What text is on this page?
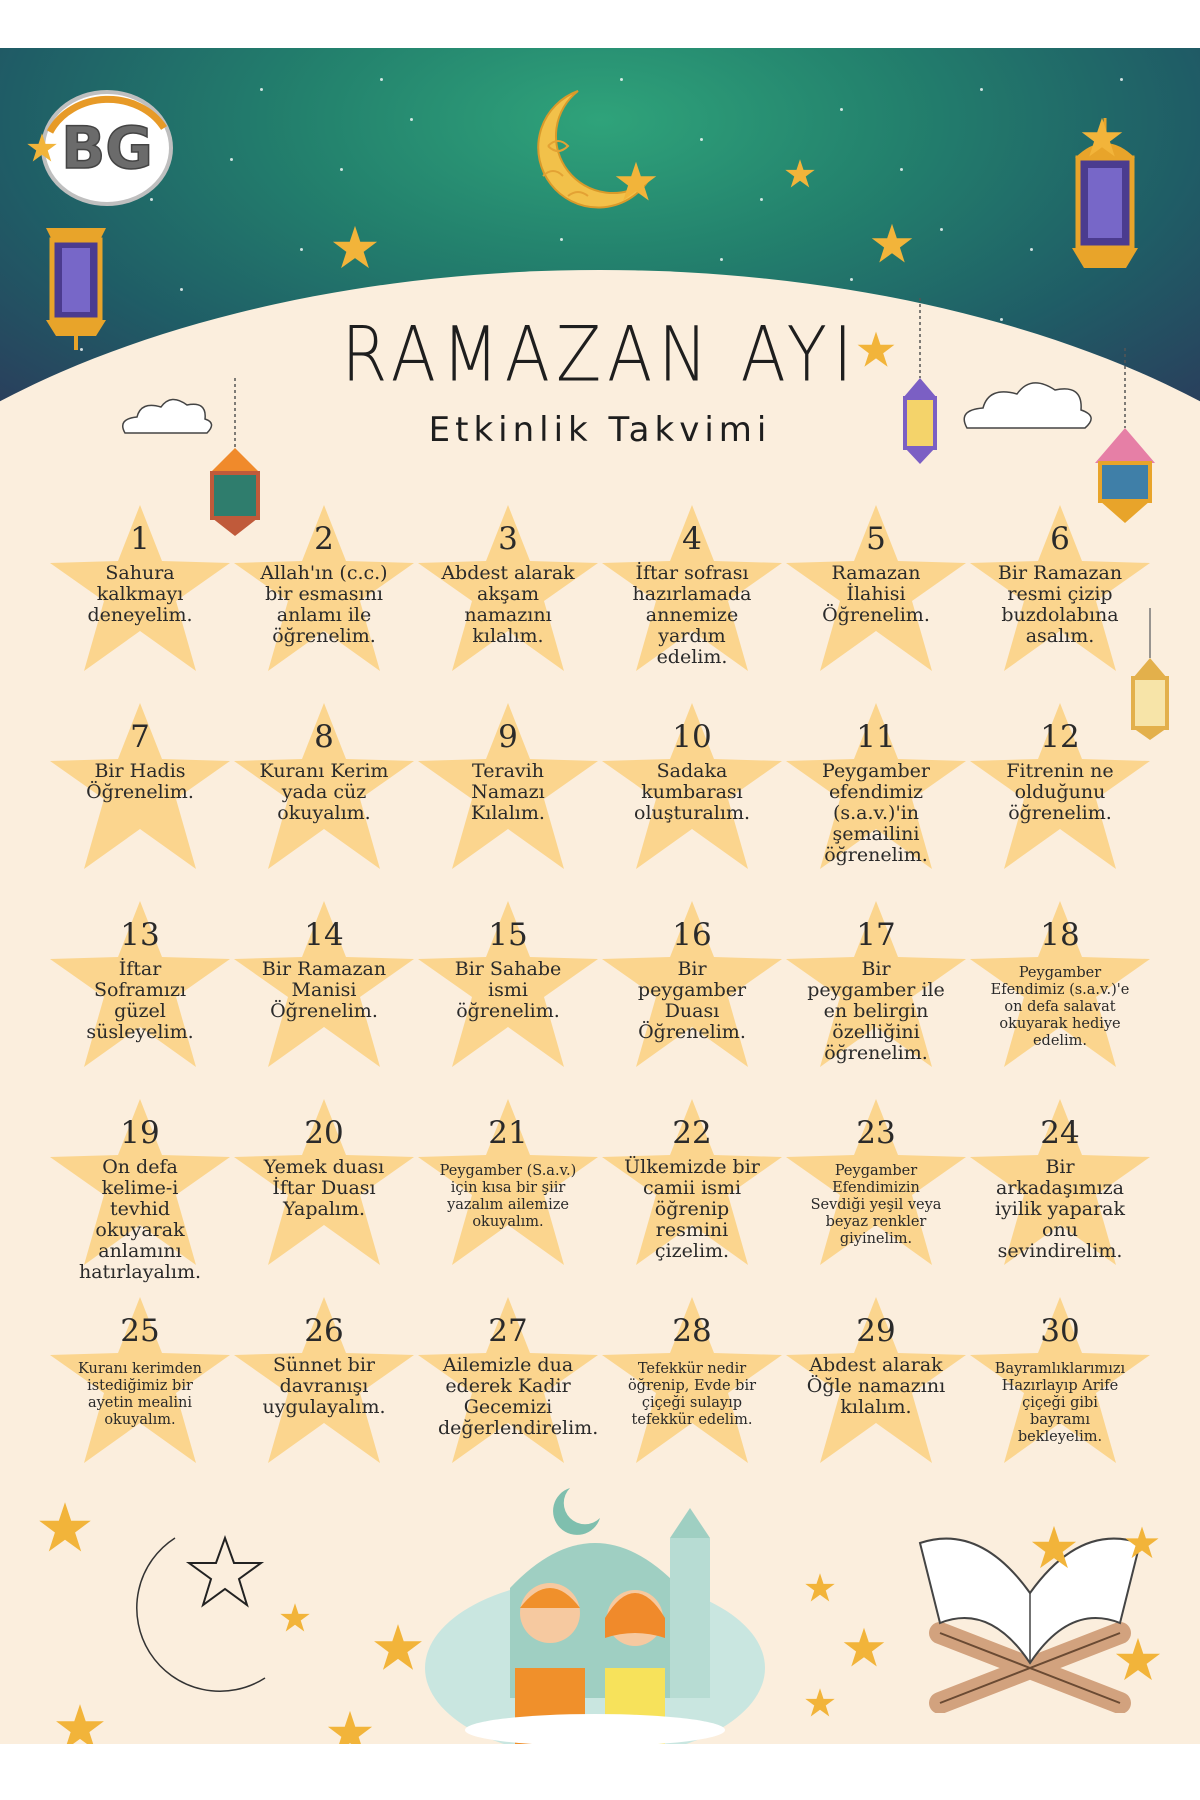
BG
RAMAZAN AYI
Etkinlik Takvimi
1
Sahura kalkmayı deneyelim.
2
Allah'ın (c.c.) bir esmasını anlamı ile öğrenelim.
3
Abdest alarak akşam namazını kılalım.
4
İftar sofrası hazırlamada annemize yardım edelim.
5
Ramazan İlahisi Öğrenelim.
6
Bir Ramazan resmi çizip buzdolabına asalım.
7
Bir Hadis Öğrenelim.
8
Kuranı Kerim yada cüz okuyalım.
9
Teravih Namazı Kılalım.
10
Sadaka kumbarası oluşturalım.
11
Peygamber efendimiz (s.a.v.)'in şemailini öğrenelim.
12
Fitrenin ne olduğunu öğrenelim.
13
İftar Soframızı güzel süsleyelim.
14
Bir Ramazan Manisi Öğrenelim.
15
Bir Sahabe ismi öğrenelim.
16
Bir peygamber Duası Öğrenelim.
17
Bir peygamber ile en belirgin özelliğini öğrenelim.
18
Peygamber Efendimiz (s.a.v.)'e on defa salavat okuyarak hediye edelim.
19
On defa kelime-i tevhid okuyarak anlamını hatırlayalım.
20
Yemek duası İftar Duası Yapalım.
21
Peygamber (S.a.v.) için kısa bir şiir yazalım ailemize okuyalım.
22
Ülkemizde bir camii ismi öğrenip resmini çizelim.
23
Peygamber Efendimizin Sevdiği yeşil veya beyaz renkler giyinelim.
24
Bir arkadaşımıza iyilik yaparak onu sevindirelim.
25
Kuranı kerimden istediğimiz bir ayetin mealini okuyalım.
26
Sünnet bir davranışı uygulayalım.
27
Ailemizle dua ederek Kadir Gecemizi değerlendirelim.
28
Tefekkür nedir öğrenip, Evde bir çiçeği sulayıp tefekkür edelim.
29
Abdest alarak Öğle namazını kılalım.
30
Bayramlıklarımızı Hazırlayıp Arife çiçeği gibi bayramı bekleyelim.
